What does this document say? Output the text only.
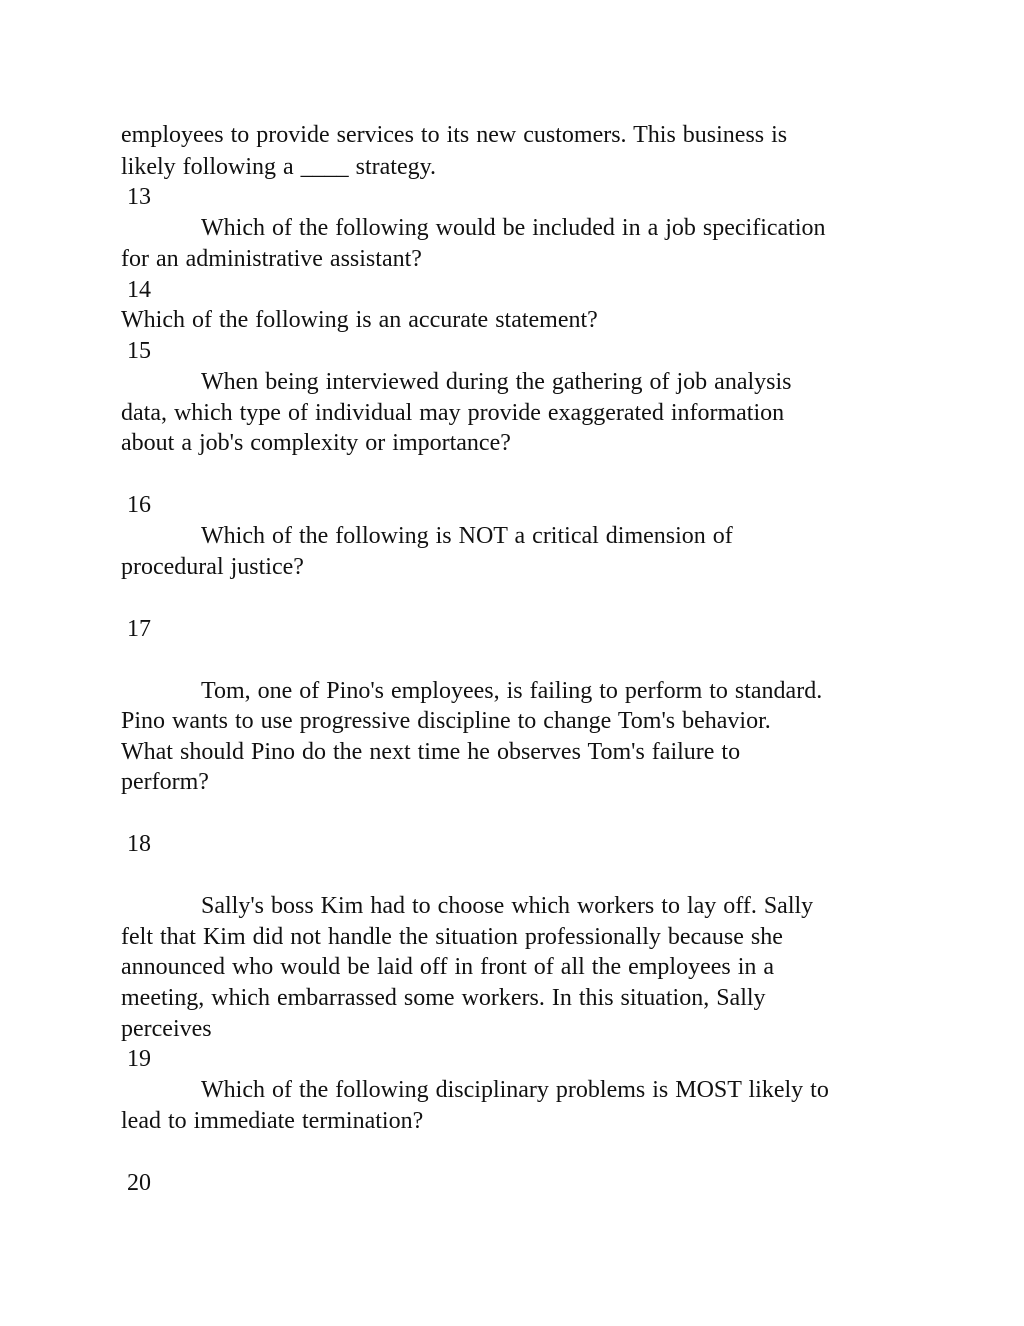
employees to provide services to its new customers. This business is
likely following a ____ strategy.
13
Which of the following would be included in a job specification
for an administrative assistant?
14
Which of the following is an accurate statement?
15
When being interviewed during the gathering of job analysis
data, which type of individual may provide exaggerated information
about a job's complexity or importance?
16
Which of the following is NOT a critical dimension of
procedural justice?
17
Tom, one of Pino's employees, is failing to perform to standard.
Pino wants to use progressive discipline to change Tom's behavior.
What should Pino do the next time he observes Tom's failure to
perform?
18
Sally's boss Kim had to choose which workers to lay off. Sally
felt that Kim did not handle the situation professionally because she
announced who would be laid off in front of all the employees in a
meeting, which embarrassed some workers. In this situation, Sally
perceives
19
Which of the following disciplinary problems is MOST likely to
lead to immediate termination?
20
